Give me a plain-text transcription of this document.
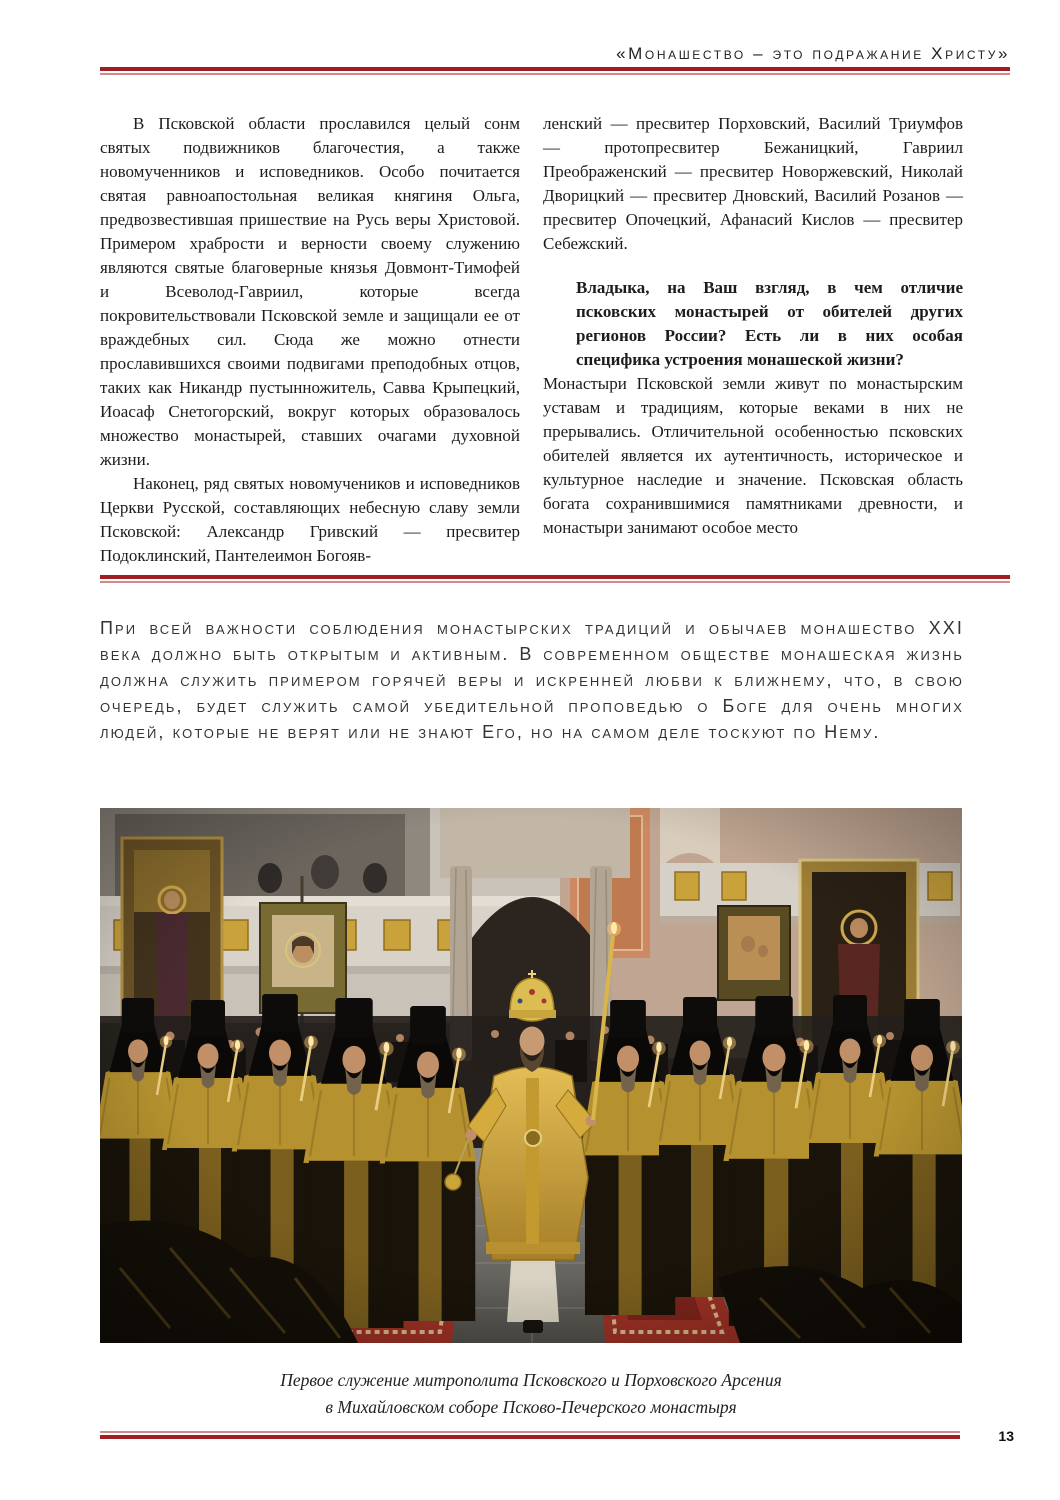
«Монашество – это подражание Христу»

В Псковской области прославился целый сонм святых подвижников благочестия, а также новомученников и исповедников. Особо почитается святая равноапостольная великая княгиня Ольга, предвозвестившая пришествие на Русь веры Христовой. Примером храбрости и верности своему служению являются святые благоверные князья Довмонт-Тимофей и Всеволод-Гавриил, которые всегда покровительствовали Псковской земле и защищали ее от враждебных сил. Сюда же можно отнести прославившихся своими подвигами преподобных отцов, таких как Никандр пустынножитель, Савва Крыпецкий, Иоасаф Снетогорский, вокруг которых образовалось множество монастырей, ставших очагами духовной жизни.

Наконец, ряд святых новомучеников и исповедников Церкви Русской, составляющих небесную славу земли Псковской: Александр Гривский — пресвитер Подоклинский, Пантелеимон Богояв-

ленский — пресвитер Порховский, Василий Триумфов — протопресвитер Бежаницкий, Гавриил Преображенский — пресвитер Новоржевский, Николай Дворицкий — пресвитер Дновский, Василий Розанов — пресвитер Опочецкий, Афанасий Кислов — пресвитер Себежский.

Владыка, на Ваш взгляд, в чем отличие псковских монастырей от обителей других регионов России? Есть ли в них особая специфика устроения монашеской жизни?

Монастыри Псковской земли живут по монастырским уставам и традициям, которые веками в них не прерывались. Отличительной особенностью псковских обителей является их аутентичность, историческое и культурное наследие и значение. Псковская область богата сохранившимися памятниками древности, и монастыри занимают особое место

При всей важности соблюдения монастырских традиций и обычаев монашество XXI века должно быть открытым и активным. В современном обществе монашеская жизнь должна служить примером горячей веры и искренней любви к ближнему, что, в свою очередь, будет служить самой убедительной проповедью о Боге для очень многих людей, которые не верят или не знают Его, но на самом деле тоскуют по Нему.

Первое служение митрополита Псковского и Порховского Арсения
в Михайловском соборе Псково-Печерского монастыря
13
